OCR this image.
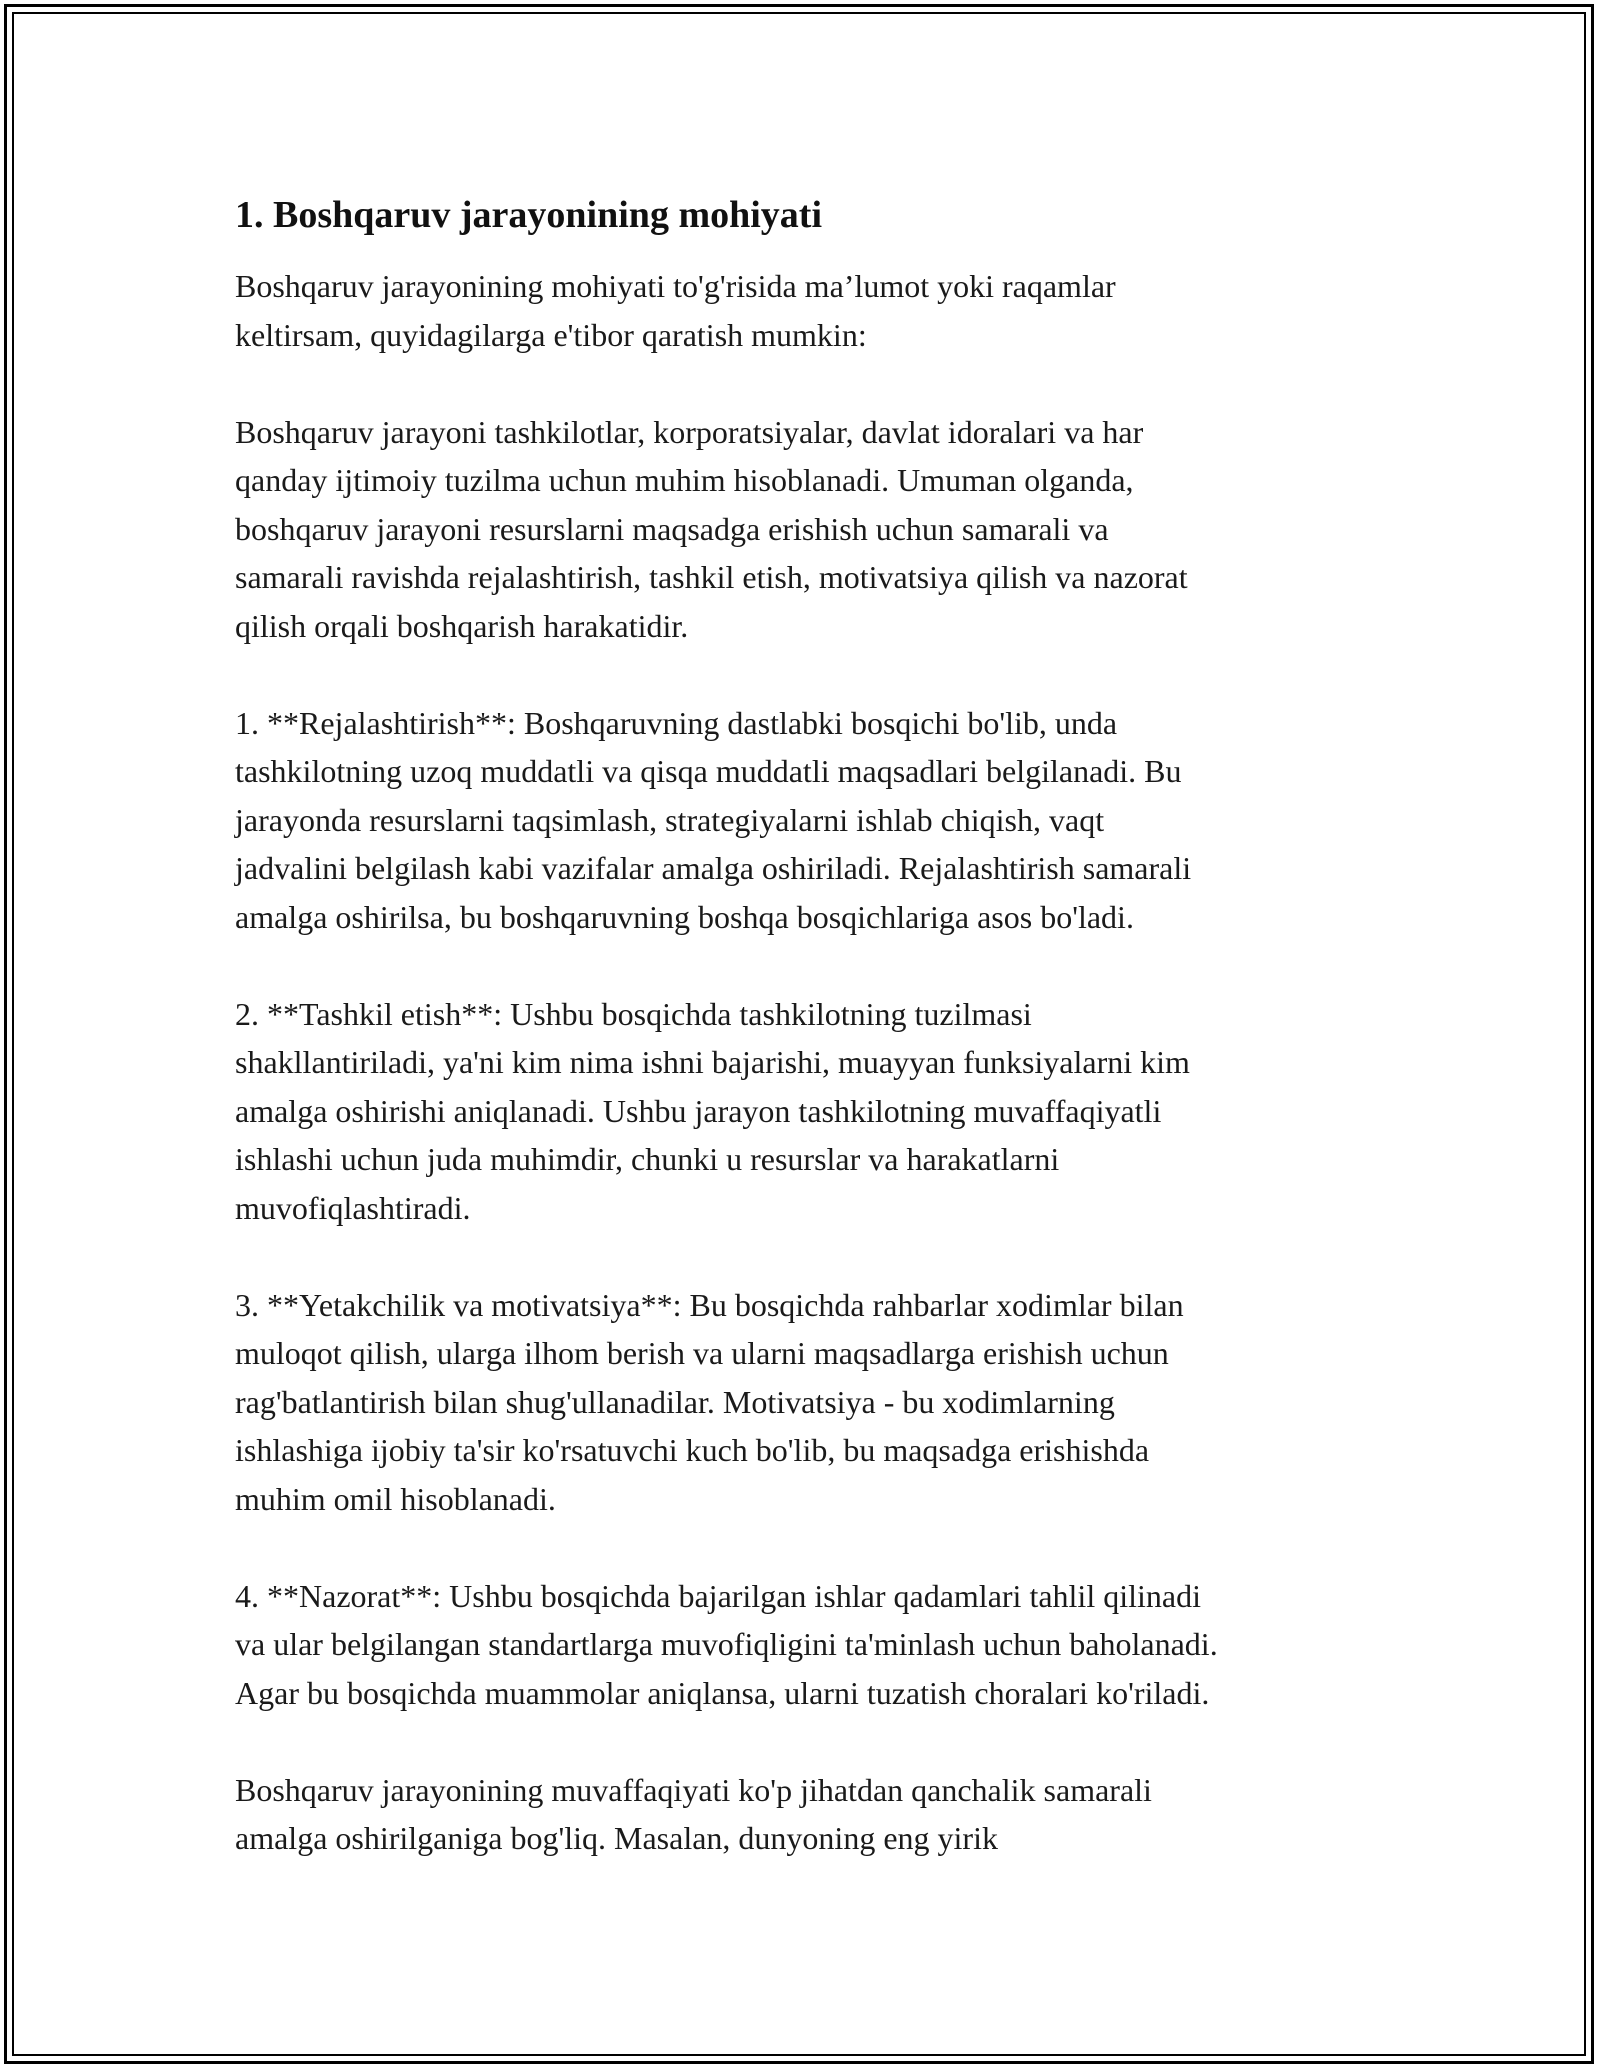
1. Boshqaruv jarayonining mohiyati

Boshqaruv jarayonining mohiyati to'g'risida ma’lumot yoki raqamlar
keltirsam, quyidagilarga e'tibor qaratish mumkin:

Boshqaruv jarayoni tashkilotlar, korporatsiyalar, davlat idoralari va har
qanday ijtimoiy tuzilma uchun muhim hisoblanadi. Umuman olganda,
boshqaruv jarayoni resurslarni maqsadga erishish uchun samarali va
samarali ravishda rejalashtirish, tashkil etish, motivatsiya qilish va nazorat
qilish orqali boshqarish harakatidir.

1. **Rejalashtirish**: Boshqaruvning dastlabki bosqichi bo'lib, unda
tashkilotning uzoq muddatli va qisqa muddatli maqsadlari belgilanadi. Bu
jarayonda resurslarni taqsimlash, strategiyalarni ishlab chiqish, vaqt
jadvalini belgilash kabi vazifalar amalga oshiriladi. Rejalashtirish samarali
amalga oshirilsa, bu boshqaruvning boshqa bosqichlariga asos bo'ladi.

2. **Tashkil etish**: Ushbu bosqichda tashkilotning tuzilmasi
shakllantiriladi, ya'ni kim nima ishni bajarishi, muayyan funksiyalarni kim
amalga oshirishi aniqlanadi. Ushbu jarayon tashkilotning muvaffaqiyatli
ishlashi uchun juda muhimdir, chunki u resurslar va harakatlarni
muvofiqlashtiradi.

3. **Yetakchilik va motivatsiya**: Bu bosqichda rahbarlar xodimlar bilan
muloqot qilish, ularga ilhom berish va ularni maqsadlarga erishish uchun
rag'batlantirish bilan shug'ullanadilar. Motivatsiya - bu xodimlarning
ishlashiga ijobiy ta'sir ko'rsatuvchi kuch bo'lib, bu maqsadga erishishda
muhim omil hisoblanadi.

4. **Nazorat**: Ushbu bosqichda bajarilgan ishlar qadamlari tahlil qilinadi
va ular belgilangan standartlarga muvofiqligini ta'minlash uchun baholanadi.
Agar bu bosqichda muammolar aniqlansa, ularni tuzatish choralari ko'riladi.

Boshqaruv jarayonining muvaffaqiyati ko'p jihatdan qanchalik samarali
amalga oshirilganiga bog'liq. Masalan, dunyoning eng yirik
